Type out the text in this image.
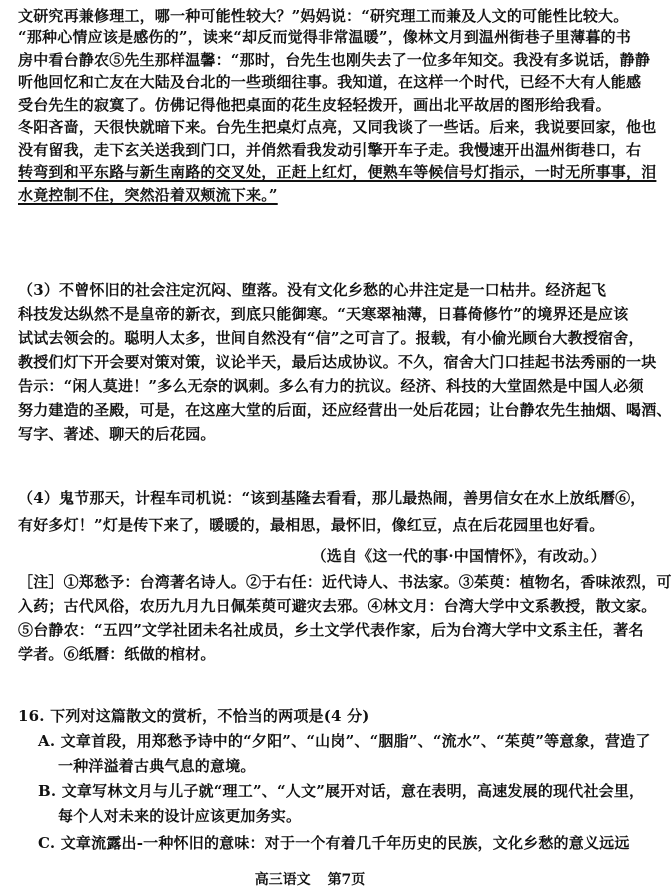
文研究再兼修理工，哪一种可能性较大？”妈妈说：“研究理工而兼及人文的可能性比较大。
“那种心情应该是感伤的”，读来“却反而觉得非常温暖”，像林文月到温州街巷子里薄暮的书
房中看台静农⑤先生那样温馨：“那时，台先生也刚失去了一位多年知交。我没有多说话，静静
听他回忆和亡友在大陆及台北的一些琐细往事。我知道，在这样一个时代，已经不大有人能感
受台先生的寂寞了。仿佛记得他把桌面的花生皮轻轻拨开，画出北平故居的图形给我看。
冬阳吝啬，天很快就暗下来。台先生把桌灯点亮，又同我谈了一些话。后来，我说要回家，他也
没有留我，走下玄关送我到门口，并俏然看我发动引擎开车子走。我慢速开出温州街巷口，右
转弯到和平东路与新生南路的交叉处，正赶上红灯，便熟车等候信号灯指示，一时无所事事，泪
水竟控制不住，突然沿着双颊流下来。”
（3）不曾怀旧的社会注定沉闷、堕落。没有文化乡愁的心井注定是一口枯井。经济起飞
科技发达纵然不是皇帝的新衣，到底只能御寒。“天寒翠袖薄，日暮倚修竹”的境界还是应该
试试去领会的。聪明人太多，世间自然没有“信”之可言了。报载，有小偷光顾台大教授宿舍，
教授们灯下开会要对策对策，议论半天，最后达成协议。不久，宿舍大门口挂起书法秀丽的一块
告示：“闲人莫进！”多么无奈的讽刺。多么有力的抗议。经济、科技的大堂固然是中国人必须
努力建造的圣殿，可是，在这座大堂的后面，还应经营出一处后花园；让台静农先生抽烟、喝酒、
写字、著述、聊天的后花园。
（4）鬼节那天，计程车司机说：“该到基隆去看看，那儿最热闹，善男信女在水上放纸曆⑥，
有好多灯！”灯是传下来了，暖暖的，最相思，最怀旧，像红豆，点在后花园里也好看。
（选自《这一代的事·中国情怀》，有改动。）
［注］①郑愁予：台湾著名诗人。②于右任：近代诗人、书法家。③茱萸：植物名，香味浓烈，可
入药；古代风俗，农历九月九日佩茱萸可避灾去邪。④林文月：台湾大学中文系教授，散文家。
⑤台静农：“五四”文学社团未名社成员，乡土文学代表作家，后为台湾大学中文系主任，著名
学者。⑥纸曆：纸做的棺材。
16. 下列对这篇散文的赏析，不恰当的两项是(4 分)
A. 文章首段，用郑愁予诗中的“夕阳”、“山岗”、“胭脂”、“流水”、“茱萸”等意象，营造了
一种洋溢着古典气息的意境。
B. 文章写林文月与儿子就“理工”、“人文”展开对话，意在表明，高速发展的现代社会里，
每个人对未来的设计应该更加务实。
C. 文章流露出-一种怀旧的意味：对于一个有着几千年历史的民族，文化乡愁的意义远远
高三语文 第7页
